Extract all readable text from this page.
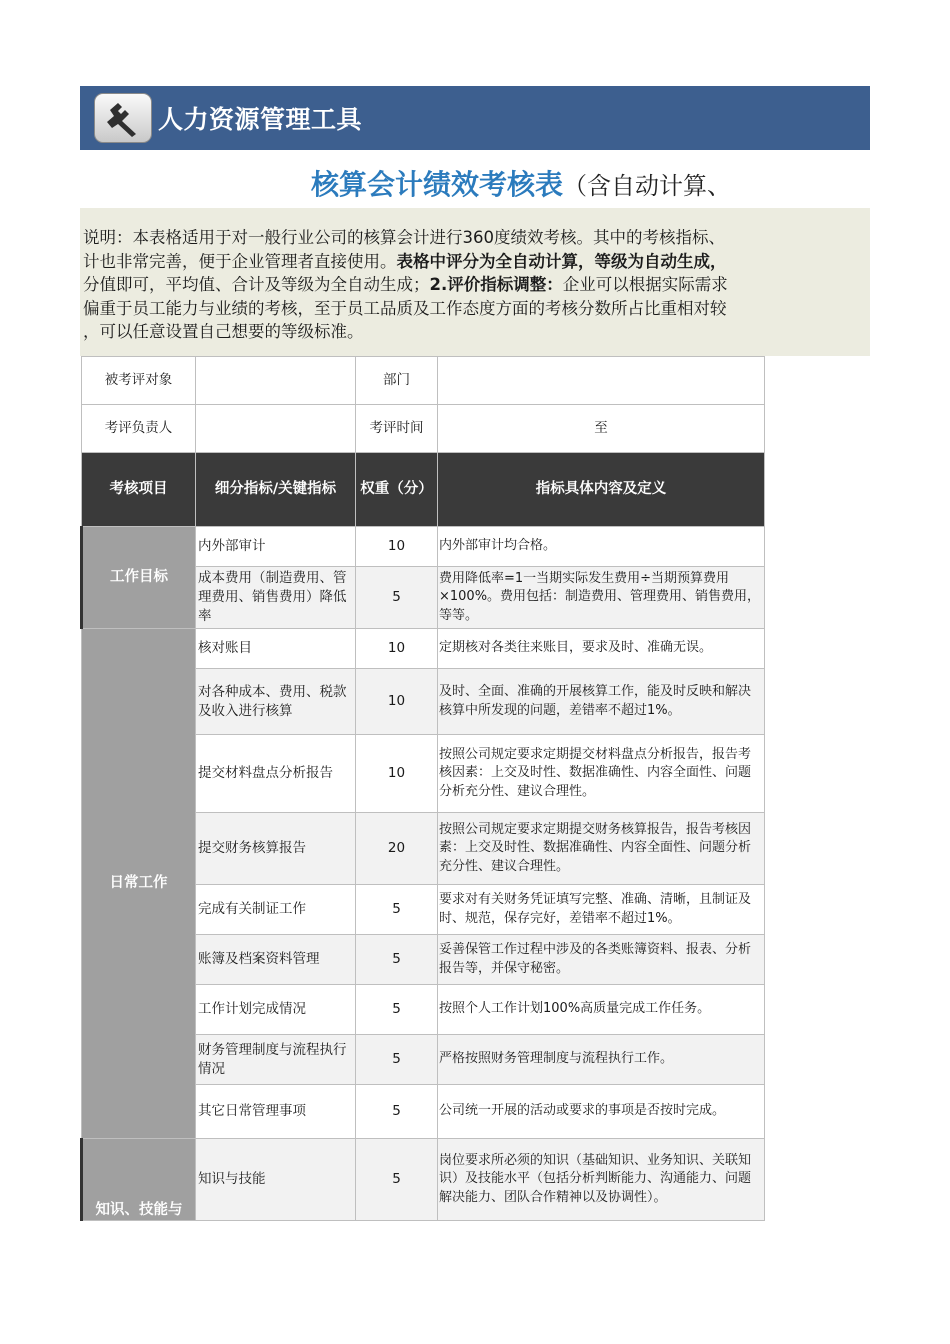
人力资源管理工具
核算会计绩效考核表（含自动计算、
说明：本表格适用于对一般行业公司的核算会计进行360度绩效考核。其中的考核指标、
计也非常完善，便于企业管理者直接使用。表格中评分为全自动计算，等级为自动生成，
分值即可，平均值、合计及等级为全自动生成；2.评价指标调整：企业可以根据实际需求
偏重于员工能力与业绩的考核，至于员工品质及工作态度方面的考核分数所占比重相对较
，可以任意设置自己想要的等级标准。
被考评对象		部门	
考评负责人		考评时间	至
考核项目	细分指标/关键指标	权重（分）	指标具体内容及定义
工作目标	内外部审计	10	内外部审计均合格。
	成本费用（制造费用、管理费用、销售费用）降低率	5	费用降低率=1一当期实际发生费用÷当期预算费用×100%。费用包括：制造费用、管理费用、销售费用，等等。
日常工作	核对账目	10	定期核对各类往来账目，要求及时、准确无误。
	对各种成本、费用、税款及收入进行核算	10	及时、全面、准确的开展核算工作，能及时反映和解决核算中所发现的问题，差错率不超过1%。
	提交材料盘点分析报告	10	按照公司规定要求定期提交材料盘点分析报告，报告考核因素：上交及时性、数据准确性、内容全面性、问题分析充分性、建议合理性。
	提交财务核算报告	20	按照公司规定要求定期提交财务核算报告，报告考核因素：上交及时性、数据准确性、内容全面性、问题分析充分性、建议合理性。
	完成有关制证工作	5	要求对有关财务凭证填写完整、准确、清晰，且制证及时、规范，保存完好，差错率不超过1%。
	账簿及档案资料管理	5	妥善保管工作过程中涉及的各类账簿资料、报表、分析报告等，并保守秘密。
	工作计划完成情况	5	按照个人工作计划100%高质量完成工作任务。
	财务管理制度与流程执行情况	5	严格按照财务管理制度与流程执行工作。
	其它日常管理事项	5	公司统一开展的活动或要求的事项是否按时完成。
知识、技能与	知识与技能	5	岗位要求所必须的知识（基础知识、业务知识、关联知识）及技能水平（包括分析判断能力、沟通能力、问题解决能力、团队合作精神以及协调性）。
